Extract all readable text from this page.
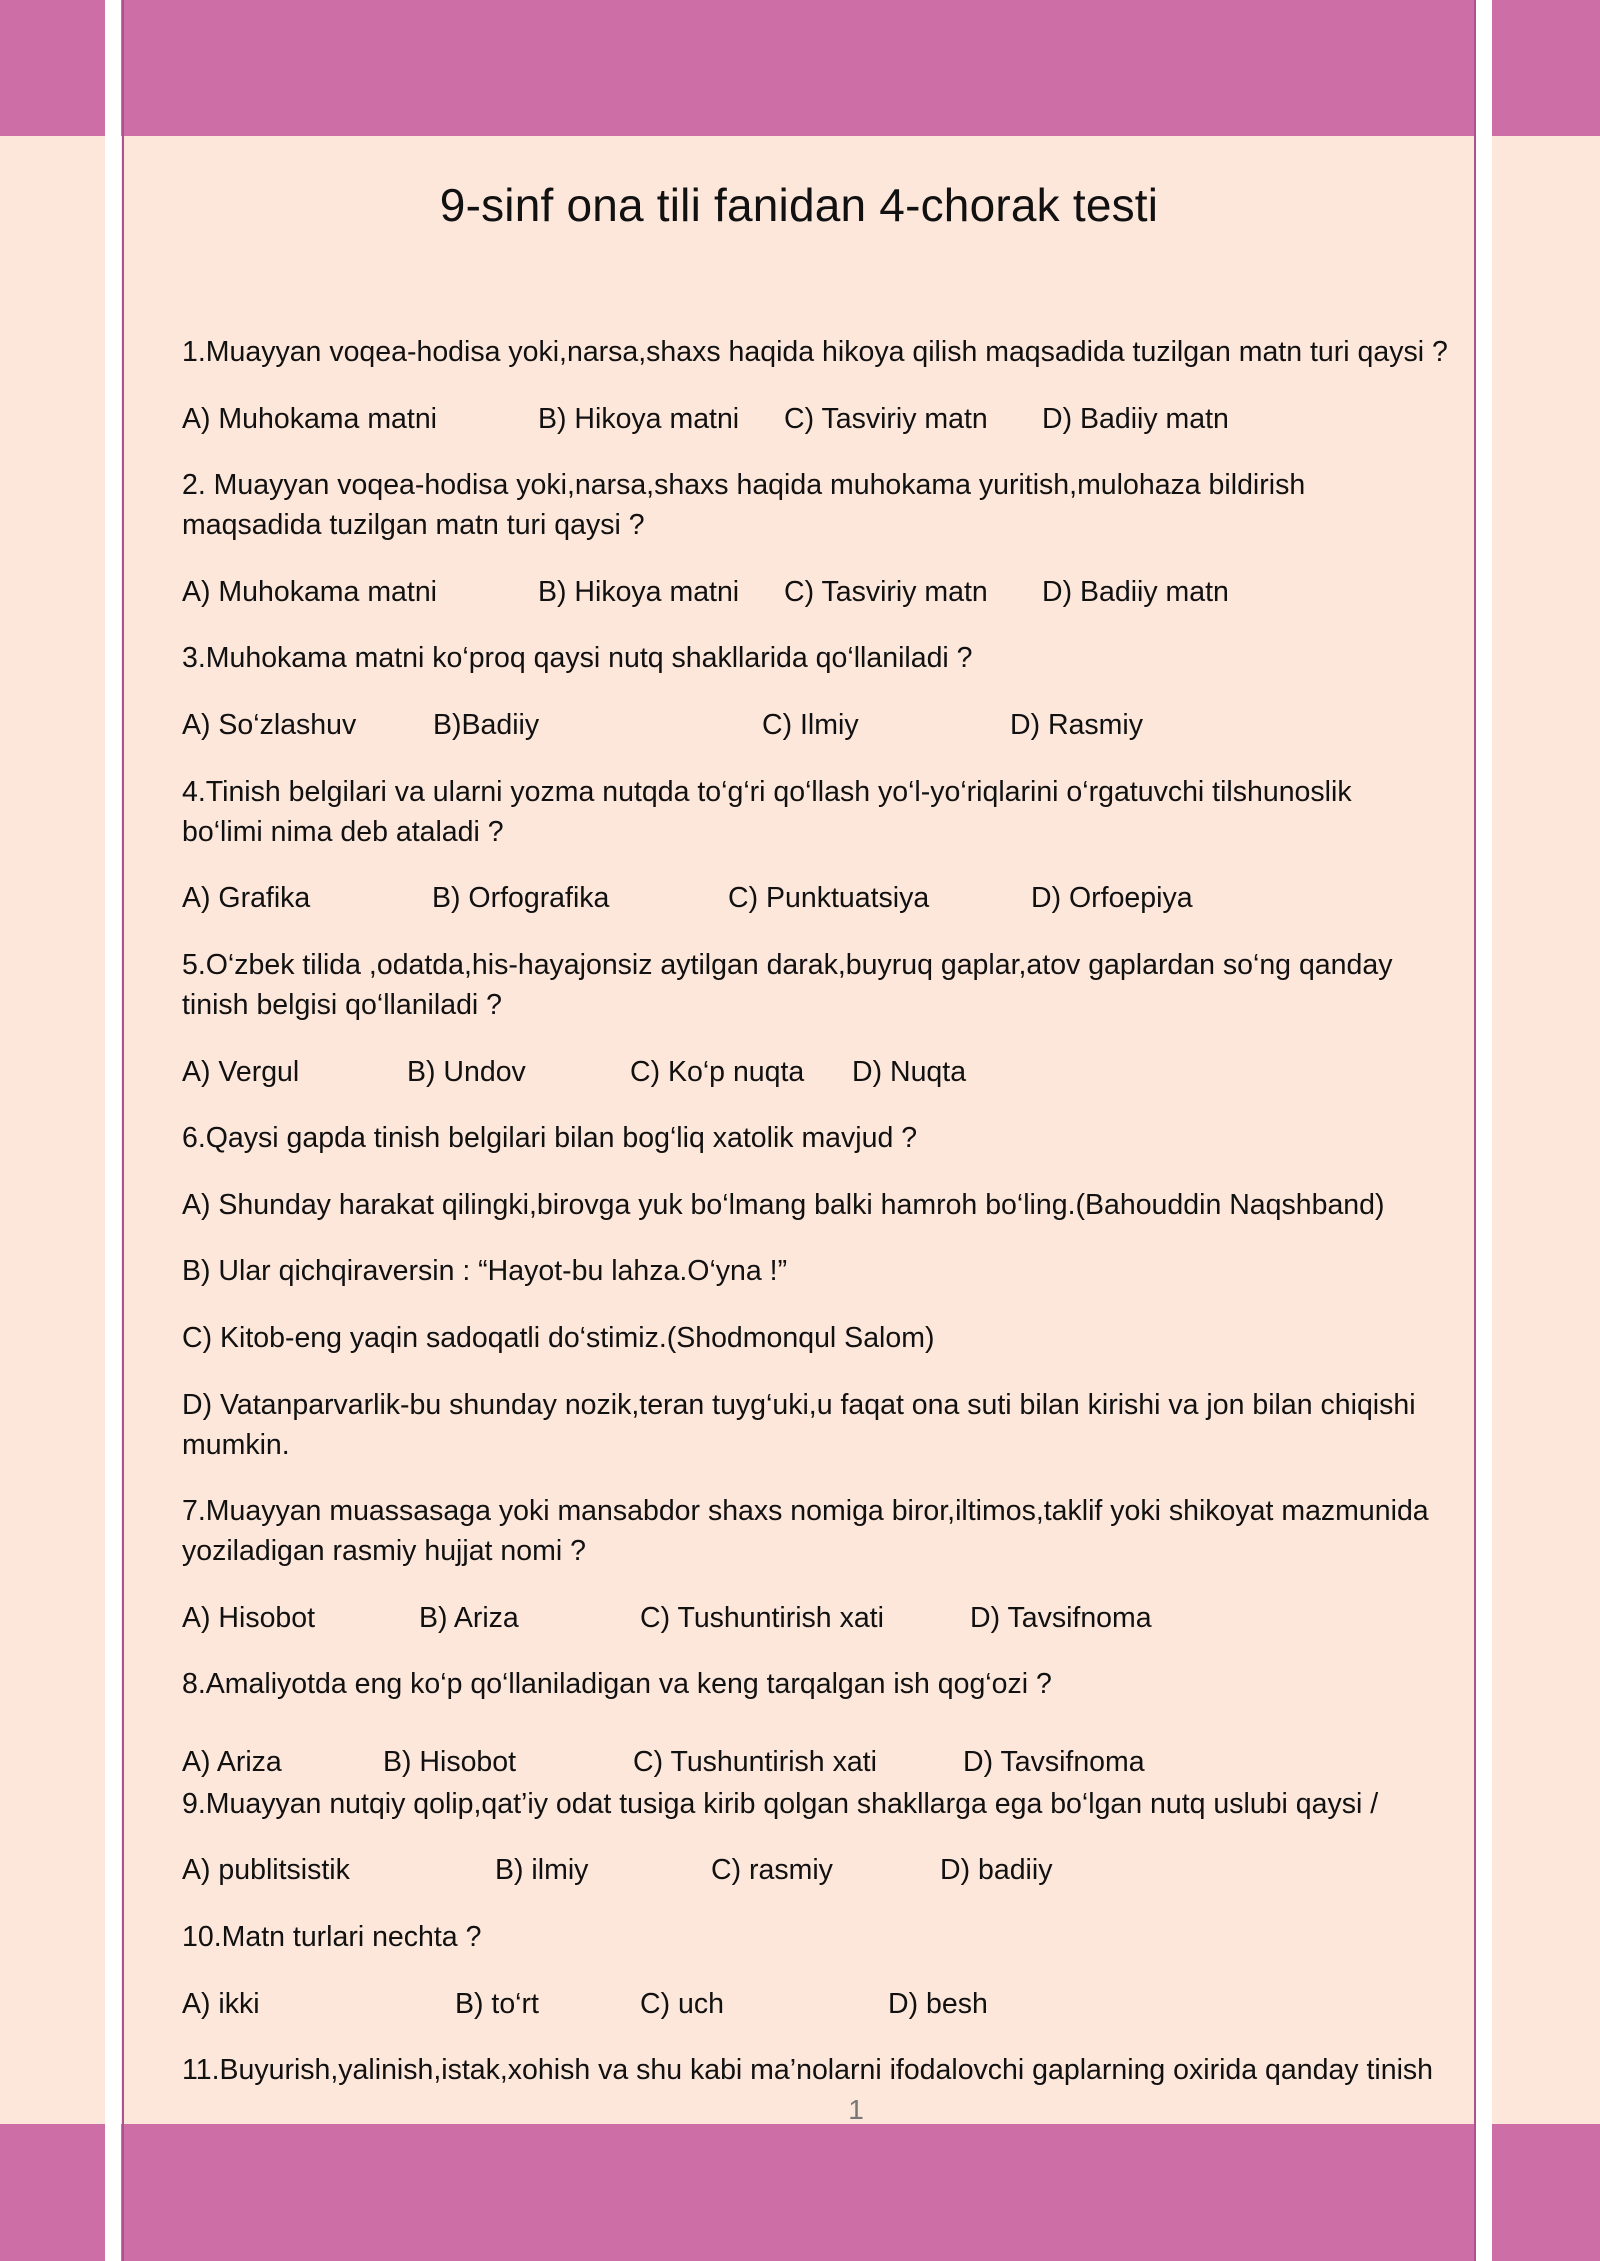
9-sinf ona tili fanidan 4-chorak testi
1.Muayyan voqea-hodisa yoki,narsa,shaxs haqida hikoya qilish maqsadida tuzilgan matn turi qaysi ?
A) Muhokama matni	B) Hikoya matni C) Tasviriy matn D) Badiiy matn
2. Muayyan voqea-hodisa yoki,narsa,shaxs haqida muhokama yuritish,mulohaza bildirish
maqsadida tuzilgan matn turi qaysi ?
A) Muhokama matni	B) Hikoya matni C) Tasviriy matn D) Badiiy matn
3.Muhokama matni ko‘proq qaysi nutq shakllarida qo‘llaniladi ?
A) So‘zlashuv	B)Badiiy	C) Ilmiy	D) Rasmiy
4.Tinish belgilari va ularni yozma nutqda to‘g‘ri qo‘llash yo‘l-yo‘riqlarini o‘rgatuvchi tilshunoslik
bo‘limi nima deb ataladi ?
A) Grafika	B) Orfografika	C) Punktuatsiya	D) Orfoepiya
5.O‘zbek tilida ,odatda,his-hayajonsiz aytilgan darak,buyruq gaplar,atov gaplardan so‘ng qanday
tinish belgisi qo‘llaniladi ?
A) Vergul	B) Undov	C) Ko‘p nuqta D) Nuqta
6.Qaysi gapda tinish belgilari bilan bog‘liq xatolik mavjud ?
A) Shunday harakat qilingki,birovga yuk bo‘lmang balki hamroh bo‘ling.(Bahouddin Naqshband)
B) Ular qichqiraversin : “Hayot-bu lahza.O‘yna !”
C) Kitob-eng yaqin sadoqatli do‘stimiz.(Shodmonqul Salom)
D) Vatanparvarlik-bu shunday nozik,teran tuyg‘uki,u faqat ona suti bilan kirishi va jon bilan chiqishi
mumkin.
7.Muayyan muassasaga yoki mansabdor shaxs nomiga biror,iltimos,taklif yoki shikoyat mazmunida
yoziladigan rasmiy hujjat nomi ?
A) Hisobot	B) Ariza	C) Tushuntirish xati	D) Tavsifnoma
8.Amaliyotda eng ko‘p qo‘llaniladigan va keng tarqalgan ish qog‘ozi ?
A) Ariza	B) Hisobot	C) Tushuntirish xati	D) Tavsifnoma
9.Muayyan nutqiy qolip,qat’iy odat tusiga kirib qolgan shakllarga ega bo‘lgan nutq uslubi qaysi /
A) publitsistik	B) ilmiy	C) rasmiy	D) badiiy
10.Matn turlari nechta ?
A) ikki	B) to‘rt	C) uch	D) besh
11.Buyurish,yalinish,istak,xohish va shu kabi ma’nolarni ifodalovchi gaplarning oxirida qanday tinish
1
